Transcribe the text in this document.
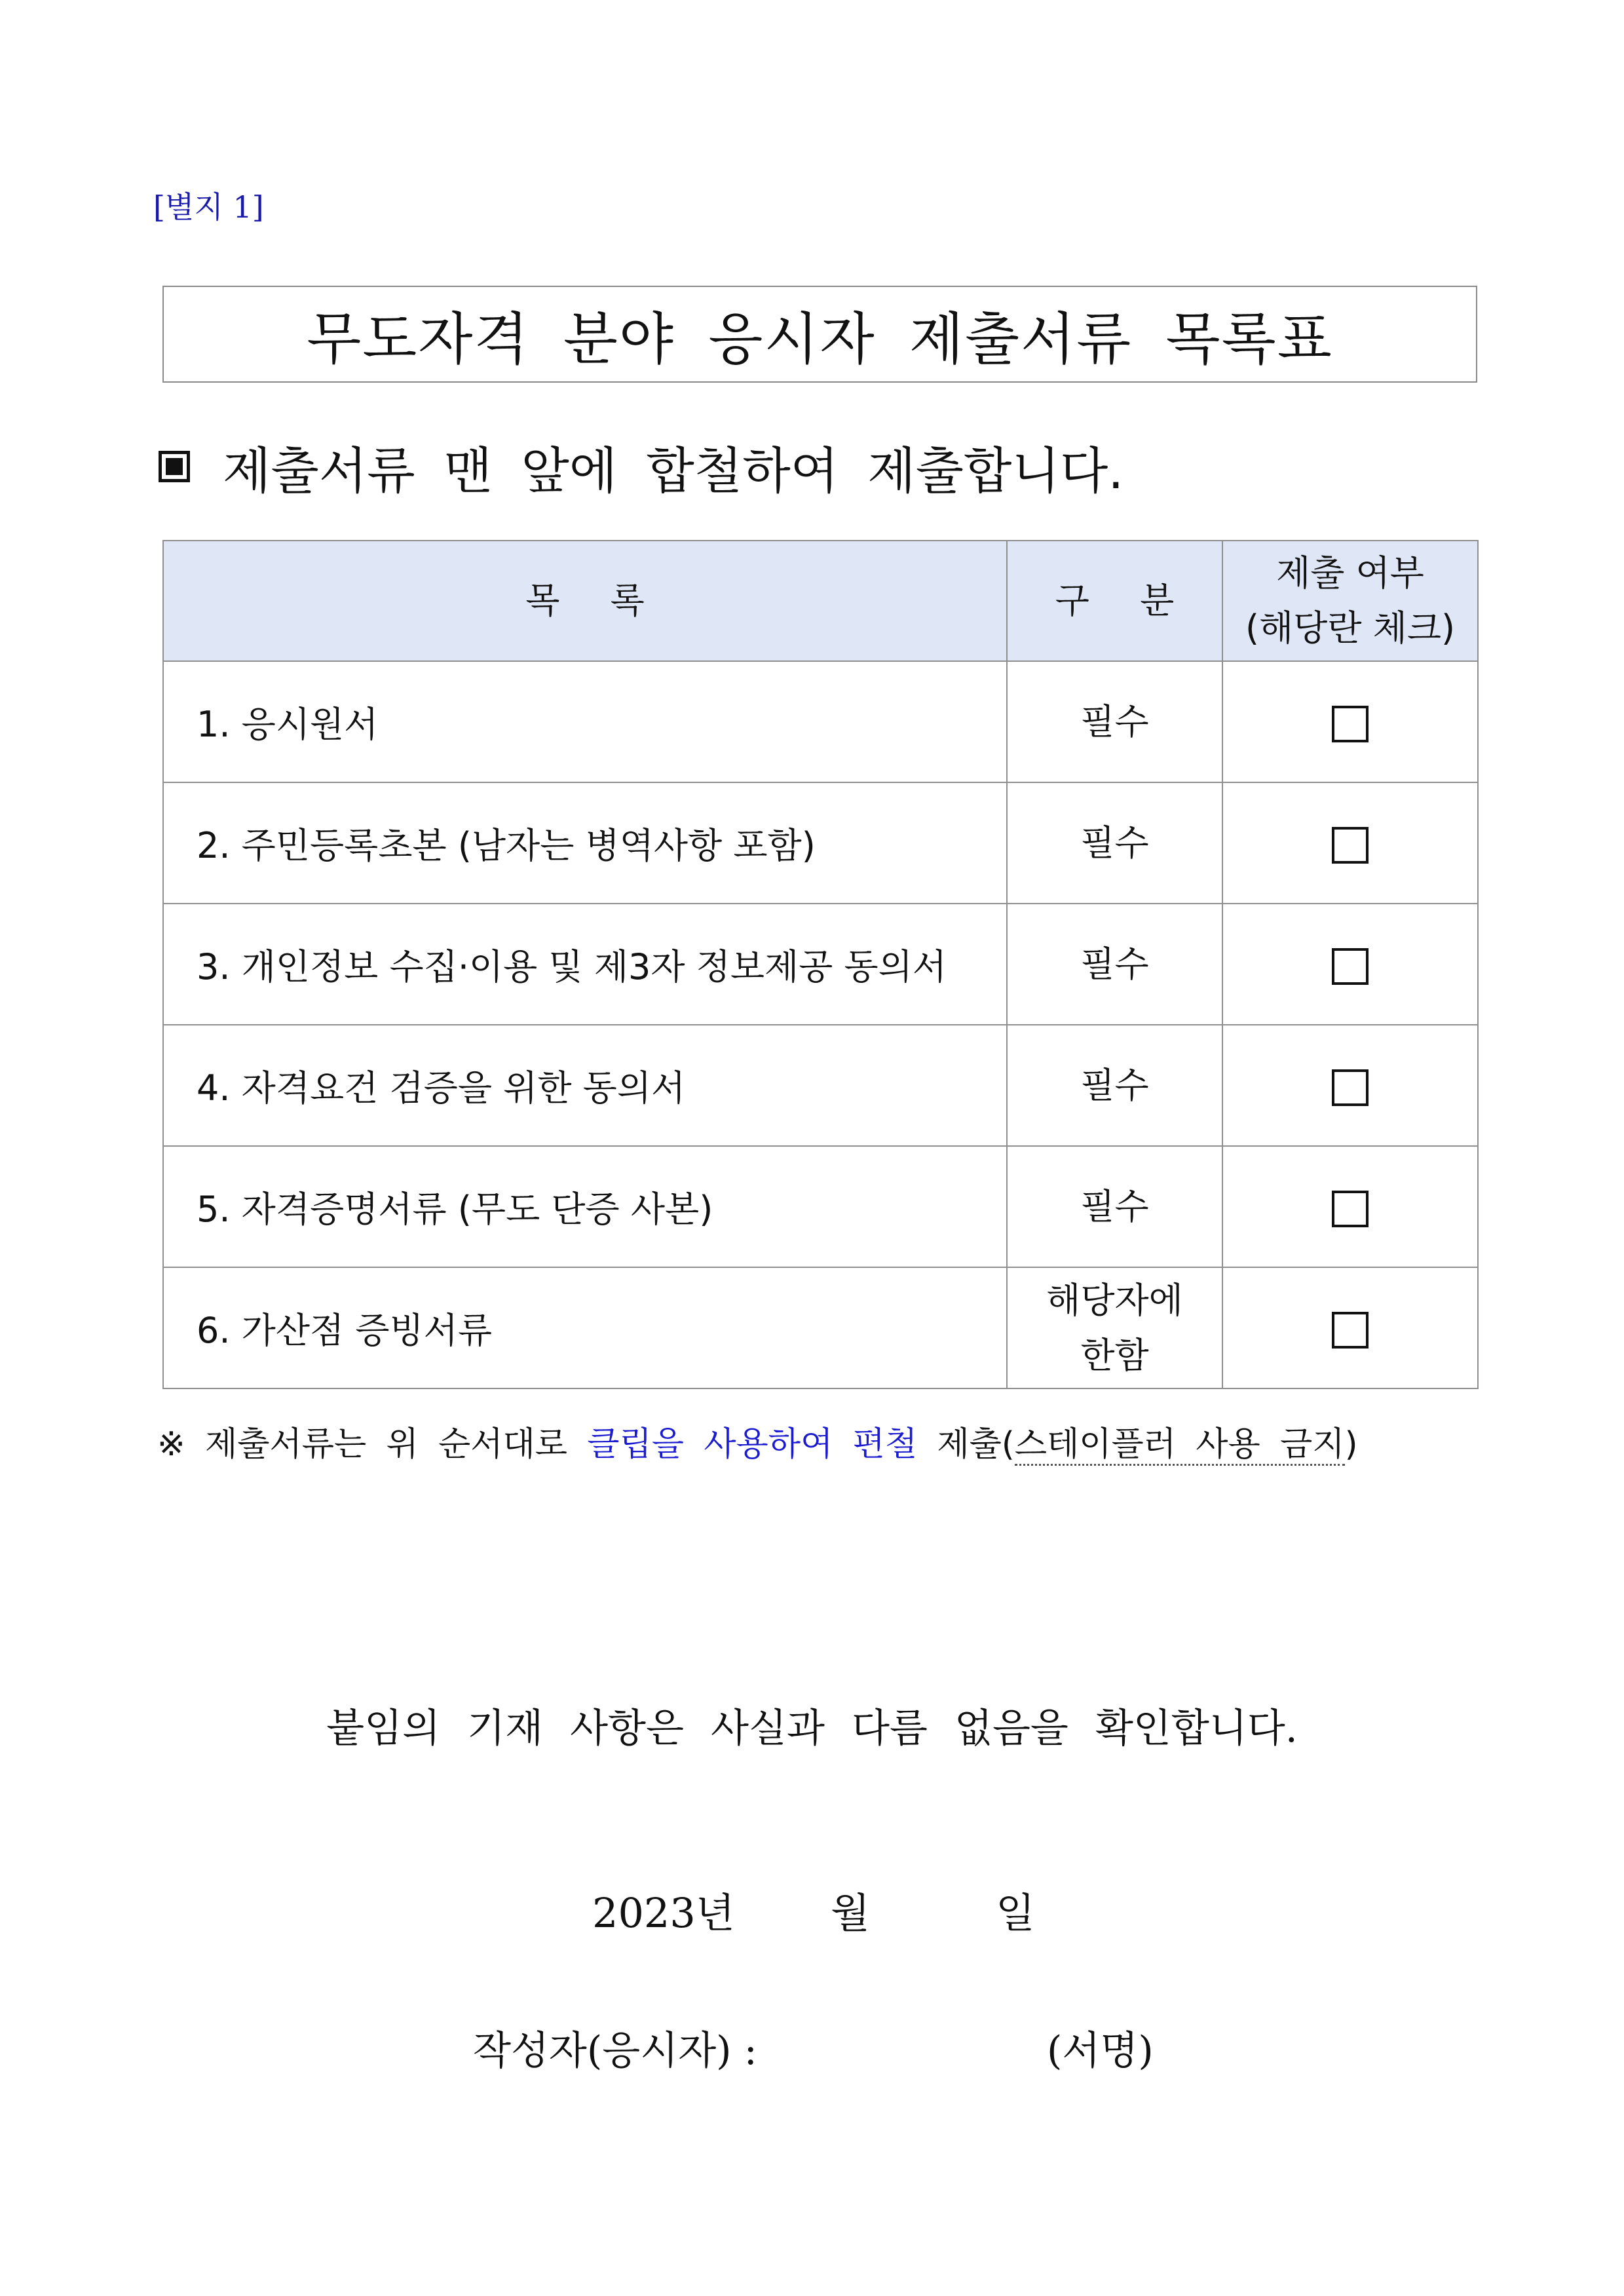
[별지 1]
무도자격 분야 응시자 제출서류 목록표
제출서류 맨 앞에 합철하여 제출합니다.
목 록	구 분	제출 여부
(해당란 체크)

1. 응시원서	필수	
2. 주민등록초본 (남자는 병역사항 포함)	필수	
3. 개인정보 수집·이용 및 제3자 정보제공 동의서	필수	
4. 자격요건 검증을 위한 동의서	필수	
5. 자격증명서류 (무도 단증 사본)	필수	
6. 가산점 증빙서류	해당자에
한함	

※ 제출서류는 위 순서대로 클립을 사용하여 편철 제출(스테이플러 사용 금지)
붙임의 기재 사항은 사실과 다름 없음을 확인합니다.
2023년 월	일
작성자(응시자) :	(서명)
